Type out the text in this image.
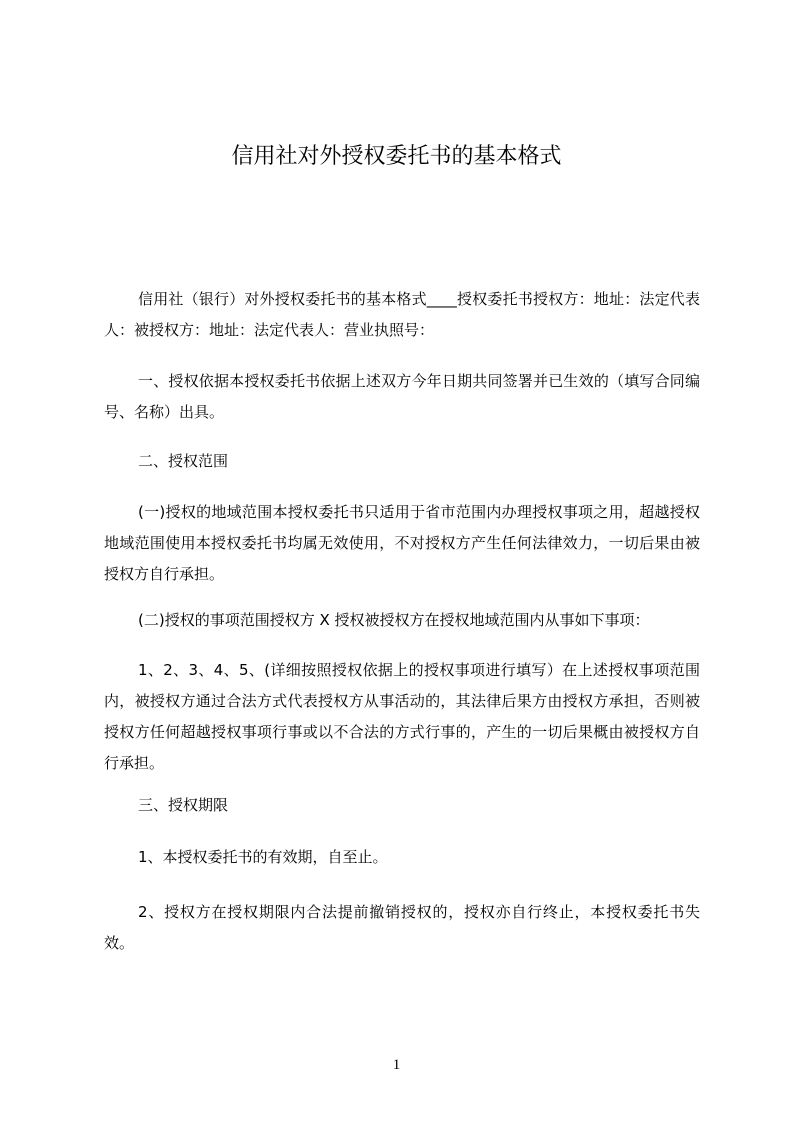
信用社对外授权委托书的基本格式

信用社（银行）对外授权委托书的基本格式____授权委托书授权方：地址：法定代表人：被授权方：地址：法定代表人：营业执照号：

一、授权依据本授权委托书依据上述双方今年日期共同签署并已生效的（填写合同编号、名称）出具。

二、授权范围

(一)授权的地域范围本授权委托书只适用于省市范围内办理授权事项之用，超越授权地域范围使用本授权委托书均属无效使用，不对授权方产生任何法律效力，一切后果由被授权方自行承担。

(二)授权的事项范围授权方 X 授权被授权方在授权地域范围内从事如下事项：

1、2、3、4、5、(详细按照授权依据上的授权事项进行填写）在上述授权事项范围内，被授权方通过合法方式代表授权方从事活动的，其法律后果方由授权方承担，否则被授权方任何超越授权事项行事或以不合法的方式行事的，产生的一切后果概由被授权方自行承担。

三、授权期限

1、本授权委托书的有效期，自至止。

2、授权方在授权期限内合法提前撤销授权的，授权亦自行终止，本授权委托书失效。

1
